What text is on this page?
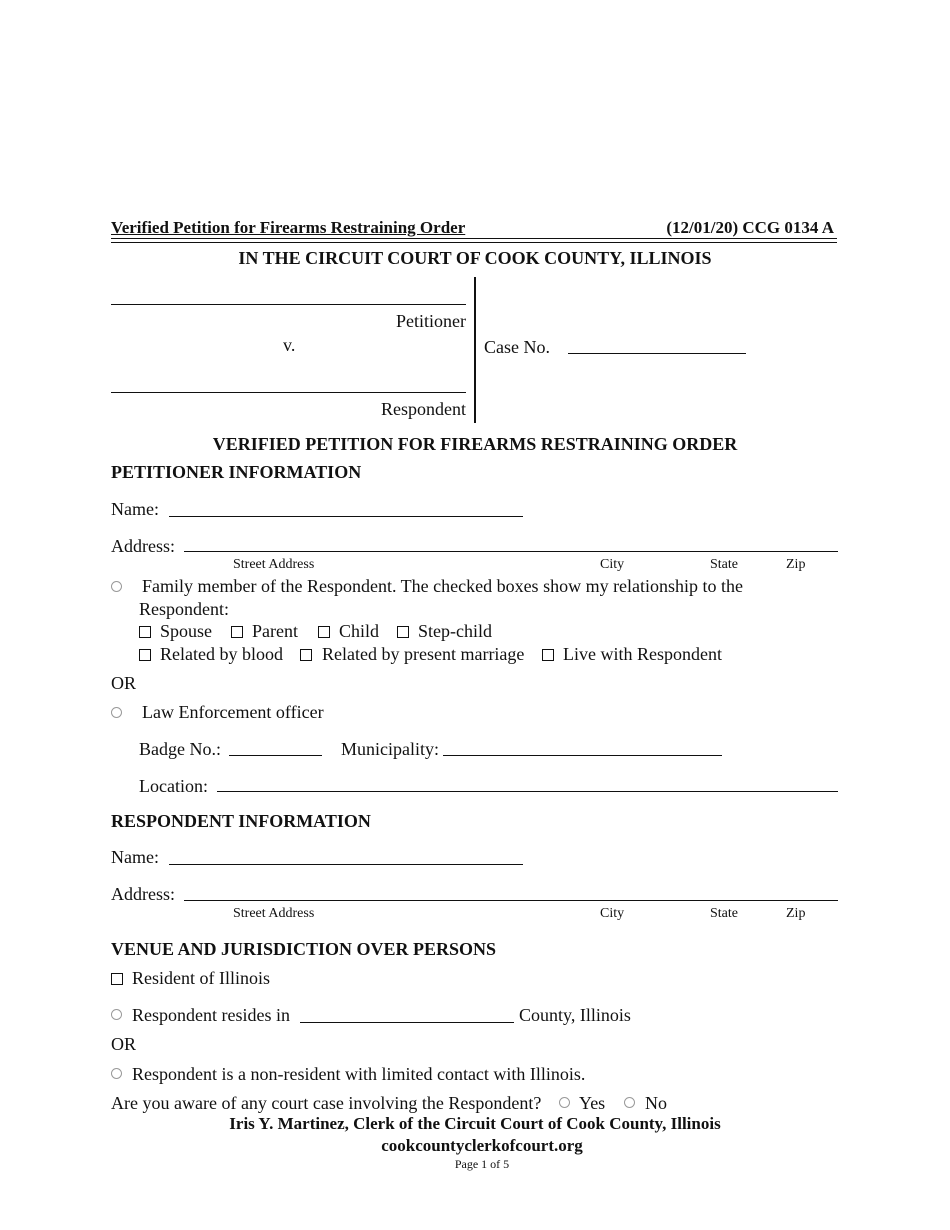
Verified Petition for Firearms Restraining Order	(12/01/20) CCG 0134 A
IN THE CIRCUIT COURT OF COOK COUNTY, ILLINOIS
Petitioner
v.
Respondent
Case No.
VERIFIED PETITION FOR FIREARMS RESTRAINING ORDER
PETITIONER INFORMATION
Name:
Address:
Street Address	City	State	Zip
Family member of the Respondent. The checked boxes show my relationship to the
Respondent:
Spouse Parent Child Step-child
Related by blood Related by present marriage Live with Respondent
OR
Law Enforcement officer
Badge No.:	Municipality:
Location:
RESPONDENT INFORMATION
Name:
Address:
Street Address	City	State	Zip
VENUE AND JURISDICTION OVER PERSONS
Resident of Illinois
Respondent resides in	County, Illinois
OR
Respondent is a non-resident with limited contact with Illinois.
Are you aware of any court case involving the Respondent? Yes No
Iris Y. Martinez, Clerk of the Circuit Court of Cook County, Illinois
cookcountyclerkofcourt.org
Page 1 of 5
